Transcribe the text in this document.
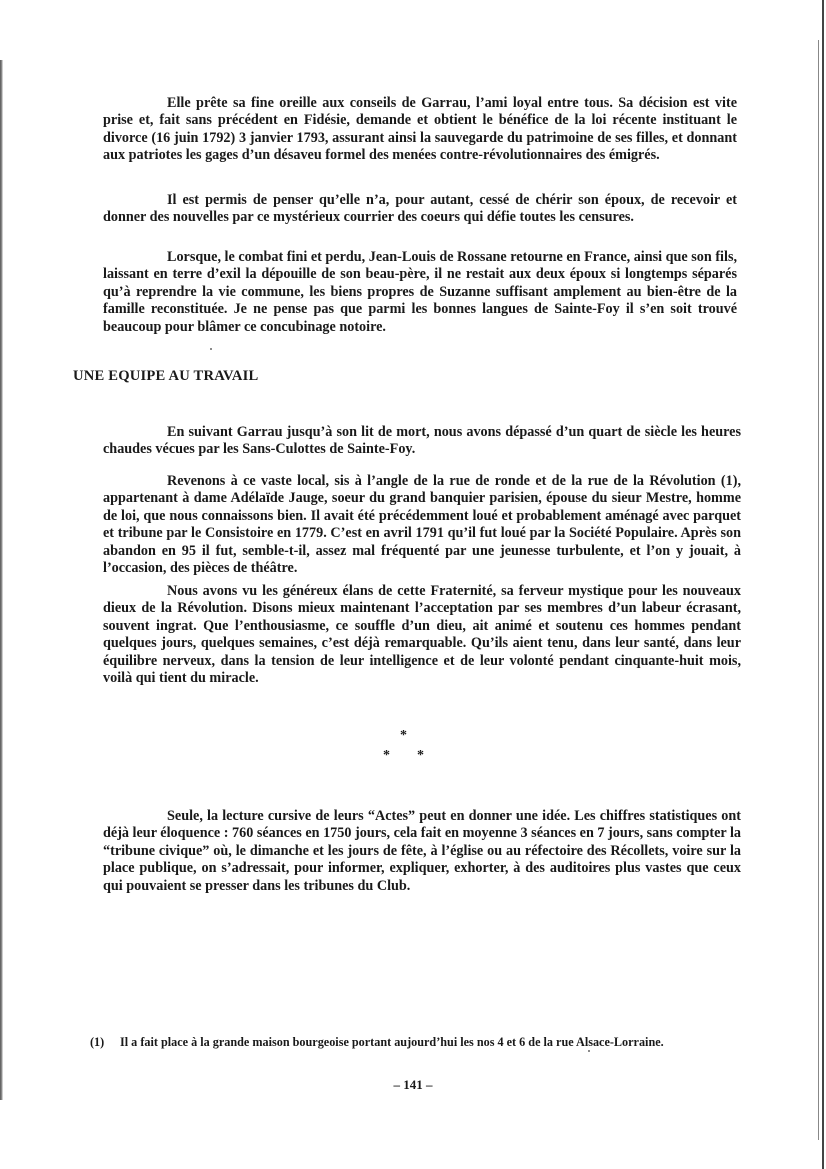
Elle prête sa fine oreille aux conseils de Garrau, l’ami loyal entre tous. Sa décision est vite prise et, fait sans précédent en Fidésie, demande et obtient le bénéfice de la loi récente instituant le divorce (16 juin 1792) 3 janvier 1793, assurant ainsi la sauvegarde du patrimoine de ses filles, et donnant aux patriotes les gages d’un désaveu formel des menées contre-révolutionnaires des émigrés.

Il est permis de penser qu’elle n’a, pour autant, cessé de chérir son époux, de recevoir et donner des nouvelles par ce mystérieux courrier des coeurs qui défie toutes les censures.

Lorsque, le combat fini et perdu, Jean-Louis de Rossane retourne en France, ainsi que son fils, laissant en terre d’exil la dépouille de son beau-père, il ne restait aux deux époux si longtemps séparés qu’à reprendre la vie commune, les biens propres de Suzanne suffisant amplement au bien-être de la famille reconstituée. Je ne pense pas que parmi les bonnes langues de Sainte-Foy il s’en soit trouvé beaucoup pour blâmer ce concubinage notoire.

UNE EQUIPE AU TRAVAIL

En suivant Garrau jusqu’à son lit de mort, nous avons dépassé d’un quart de siècle les heures chaudes vécues par les Sans-Culottes de Sainte-Foy.

Revenons à ce vaste local, sis à l’angle de la rue de ronde et de la rue de la Révolution (1), appartenant à dame Adélaïde Jauge, soeur du grand banquier parisien, épouse du sieur Mestre, homme de loi, que nous connaissons bien. Il avait été précédemment loué et probablement aménagé avec parquet et tribune par le Consistoire en 1779. C’est en avril 1791 qu’il fut loué par la Société Populaire. Après son abandon en 95 il fut, semble-t-il, assez mal fréquenté par une jeunesse turbulente, et l’on y jouait, à l’occasion, des pièces de théâtre.

Nous avons vu les généreux élans de cette Fraternité, sa ferveur mystique pour les nouveaux dieux de la Révolution. Disons mieux maintenant l’acceptation par ses membres d’un labeur écrasant, souvent ingrat. Que l’enthousiasme, ce souffle d’un dieu, ait animé et soutenu ces hommes pendant quelques jours, quelques semaines, c’est déjà remarquable. Qu’ils aient tenu, dans leur santé, dans leur équilibre nerveux, dans la tension de leur intelligence et de leur volonté pendant cinquante-huit mois, voilà qui tient du miracle.

*
* *

Seule, la lecture cursive de leurs “Actes” peut en donner une idée. Les chiffres statistiques ont déjà leur éloquence : 760 séances en 1750 jours, cela fait en moyenne 3 séances en 7 jours, sans compter la “tribune civique” où, le dimanche et les jours de fête, à l’église ou au réfectoire des Récollets, voire sur la place publique, on s’adressait, pour informer, expliquer, exhorter, à des auditoires plus vastes que ceux qui pouvaient se presser dans les tribunes du Club.

(1) Il a fait place à la grande maison bourgeoise portant aujourd’hui les nos 4 et 6 de la rue Alsace-Lorraine.

– 141 –
